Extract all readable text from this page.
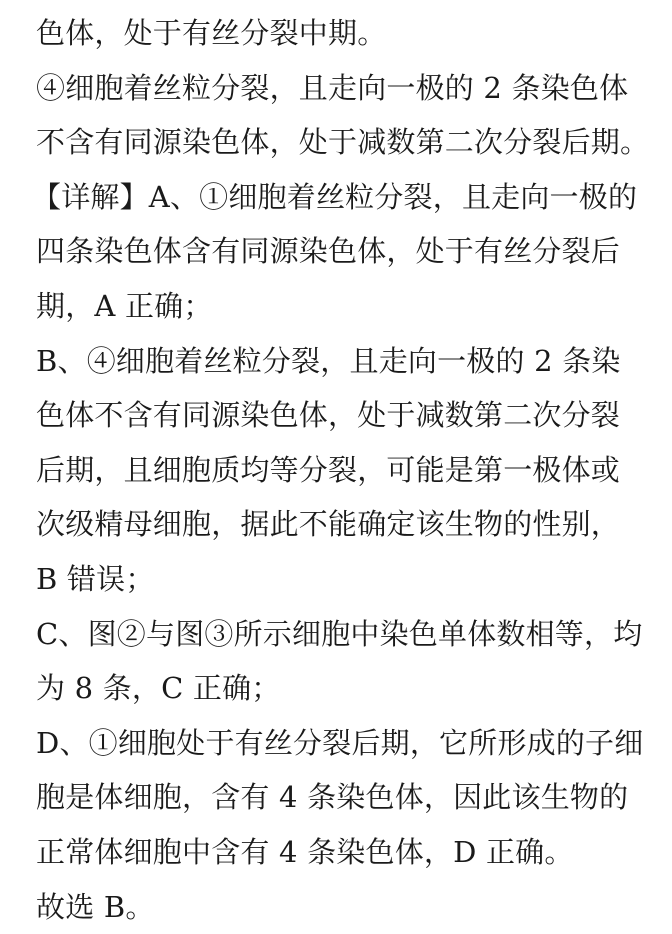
色体，处于有丝分裂中期。
④细胞着丝粒分裂，且走向一极的 2 条染色体
不含有同源染色体，处于减数第二次分裂后期。
【详解】A、①细胞着丝粒分裂，且走向一极的
四条染色体含有同源染色体，处于有丝分裂后
期，A 正确；
B、④细胞着丝粒分裂，且走向一极的 2 条染
色体不含有同源染色体，处于减数第二次分裂
后期，且细胞质均等分裂，可能是第一极体或
次级精母细胞，据此不能确定该生物的性别，
B 错误；
C、图②与图③所示细胞中染色单体数相等，均
为 8 条，C 正确；
D、①细胞处于有丝分裂后期，它所形成的子细
胞是体细胞，含有 4 条染色体，因此该生物的
正常体细胞中含有 4 条染色体，D 正确。
故选 B。
